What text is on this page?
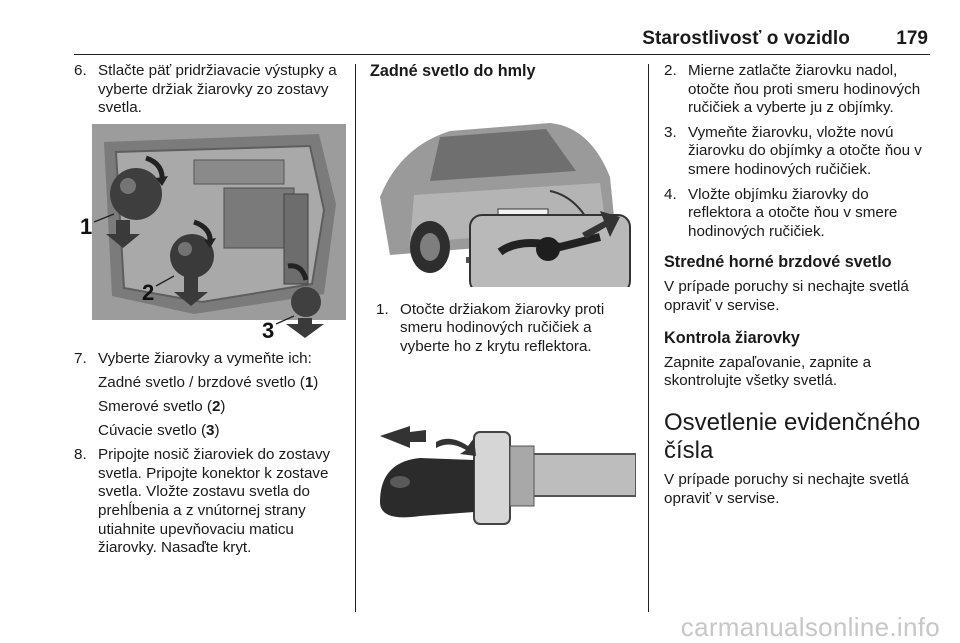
Starostlivosť o vozidlo	179
6. Stlačte päť pridržiavacie výstupky a vyberte držiak žiarovky zo zostavy svetla.
1
2
3
7. Vyberte žiarovky a vymeňte ich:

Zadné svetlo / brzdové svetlo (1)

Smerové svetlo (2)

Cúvacie svetlo (3)

8. Pripojte nosič žiaroviek do zostavy svetla. Pripojte konektor k zostave svetla. Vložte zostavu svetla do prehĺbenia a z vnútornej strany utiahnite upevňovaciu maticu žiarovky. Nasaďte kryt.
Zadné svetlo do hmly
1. Otočte držiakom žiarovky proti smeru hodinových ručičiek a vyberte ho z krytu reflektora.
2. Mierne zatlačte žiarovku nadol, otočte ňou proti smeru hodinových ručičiek a vyberte ju z objímky.
3. Vymeňte žiarovku, vložte novú žiarovku do objímky a otočte ňou v smere hodinových ručičiek.
4. Vložte objímku žiarovky do reflektora a otočte ňou v smere hodinových ručičiek.
Stredné horné brzdové svetlo

V prípade poruchy si nechajte svetlá opraviť v servise.

Kontrola žiarovky

Zapnite zapaľovanie, zapnite a skontrolujte všetky svetlá.

Osvetlenie evidenčného čísla

V prípade poruchy si nechajte svetlá opraviť v servise.

carmanualsonline.info
